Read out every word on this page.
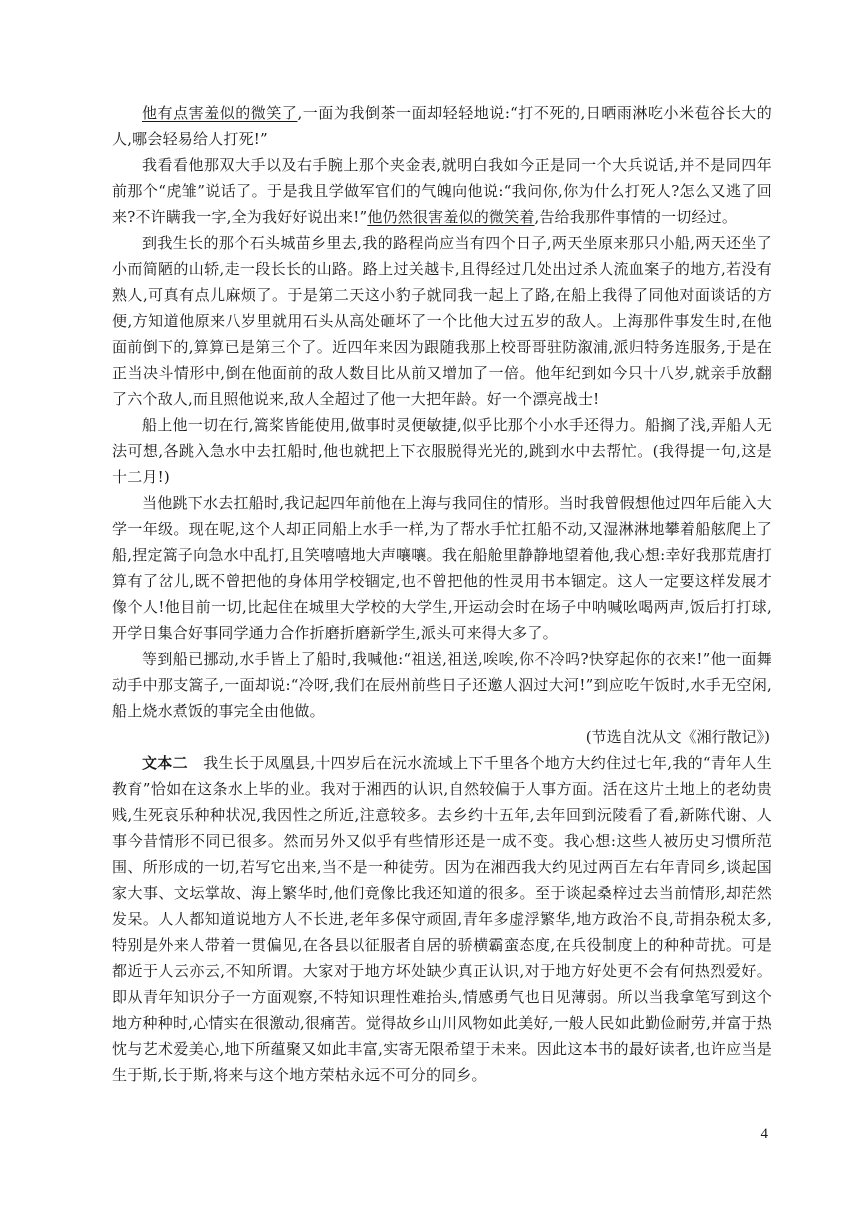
他有点害羞似的微笑了,一面为我倒茶一面却轻轻地说:“打不死的,日晒雨淋吃小米苞谷长大的人,哪会轻易给人打死!”

我看看他那双大手以及右手腕上那个夹金表,就明白我如今正是同一个大兵说话,并不是同四年前那个“虎雏”说话了。于是我且学做军官们的气魄向他说:“我问你,你为什么打死人?怎么又逃了回来?不许瞒我一字,全为我好好说出来!”他仍然很害羞似的微笑着,告给我那件事情的一切经过。

到我生长的那个石头城苗乡里去,我的路程尚应当有四个日子,两天坐原来那只小船,两天还坐了小而简陋的山轿,走一段长长的山路。路上过关越卡,且得经过几处出过杀人流血案子的地方,若没有熟人,可真有点儿麻烦了。于是第二天这小豹子就同我一起上了路,在船上我得了同他对面谈话的方便,方知道他原来八岁里就用石头从高处砸坏了一个比他大过五岁的敌人。上海那件事发生时,在他面前倒下的,算算已是第三个了。近四年来因为跟随我那上校哥哥驻防溆浦,派归特务连服务,于是在正当决斗情形中,倒在他面前的敌人数目比从前又增加了一倍。他年纪到如今只十八岁,就亲手放翻了六个敌人,而且照他说来,敌人全超过了他一大把年龄。好一个漂亮战士!

船上他一切在行,篙桨皆能使用,做事时灵便敏捷,似乎比那个小水手还得力。船搁了浅,弄船人无法可想,各跳入急水中去扛船时,他也就把上下衣服脱得光光的,跳到水中去帮忙。(我得提一句,这是十二月!)

当他跳下水去扛船时,我记起四年前他在上海与我同住的情形。当时我曾假想他过四年后能入大学一年级。现在呢,这个人却正同船上水手一样,为了帮水手忙扛船不动,又湿淋淋地攀着船舷爬上了船,捏定篙子向急水中乱打,且笑嘻嘻地大声嚷嚷。我在船舱里静静地望着他,我心想:幸好我那荒唐打算有了岔儿,既不曾把他的身体用学校锢定,也不曾把他的性灵用书本锢定。这人一定要这样发展才像个人!他目前一切,比起住在城里大学校的大学生,开运动会时在场子中呐喊吆喝两声,饭后打打球,开学日集合好事同学通力合作折磨折磨新学生,派头可来得大多了。

等到船已挪动,水手皆上了船时,我喊他:“祖送,祖送,唉唉,你不冷吗?快穿起你的衣来!”他一面舞动手中那支篙子,一面却说:“冷呀,我们在辰州前些日子还邀人泅过大河!”到应吃午饭时,水手无空闲,船上烧水煮饭的事完全由他做。

(节选自沈从文《湘行散记》)

文本二　 我生长于凤凰县,十四岁后在沅水流域上下千里各个地方大约住过七年,我的“青年人生教育”恰如在这条水上毕的业。我对于湘西的认识,自然较偏于人事方面。活在这片土地上的老幼贵贱,生死哀乐种种状况,我因性之所近,注意较多。去乡约十五年,去年回到沅陵看了看,新陈代谢、人事今昔情形不同已很多。然而另外又似乎有些情形还是一成不变。我心想:这些人被历史习惯所范围、所形成的一切,若写它出来,当不是一种徒劳。因为在湘西我大约见过两百左右年青同乡,谈起国家大事、文坛掌故、海上繁华时,他们竟像比我还知道的很多。至于谈起桑梓过去当前情形,却茫然发呆。人人都知道说地方人不长进,老年多保守顽固,青年多虚浮繁华,地方政治不良,苛捐杂税太多,特别是外来人带着一贯偏见,在各县以征服者自居的骄横霸蛮态度,在兵役制度上的种种苛扰。可是都近于人云亦云,不知所谓。大家对于地方坏处缺少真正认识,对于地方好处更不会有何热烈爱好。即从青年知识分子一方面观察,不特知识理性难抬头,情感勇气也日见薄弱。所以当我拿笔写到这个地方种种时,心情实在很激动,很痛苦。觉得故乡山川风物如此美好,一般人民如此勤俭耐劳,并富于热忱与艺术爱美心,地下所蕴聚又如此丰富,实寄无限希望于未来。因此这本书的最好读者,也许应当是生于斯,长于斯,将来与这个地方荣枯永远不可分的同乡。

4
